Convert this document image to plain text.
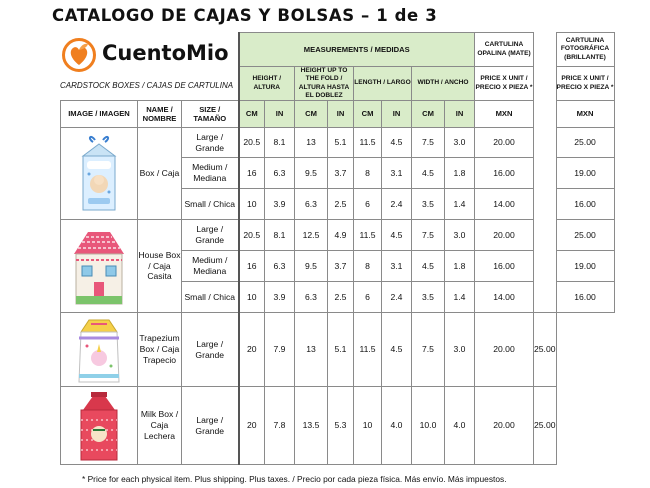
CATALOGO DE CAJAS Y BOLSAS – 1 de 3
CuentoMio
CARDSTOCK BOXES / CAJAS DE CARTULINA
			MEASUREMENTS / MEDIDAS								CARTULINA OPALINA (MATE)		CARTULINA FOTOGRÁFICA (BRILLANTE)

			HEIGHT / ALTURA		HEIGHT UP TO THE FOLD / ALTURA HASTA EL DOBLEZ		LENGTH / LARGO		WIDTH / ANCHO		PRICE X UNIT / PRECIO X PIEZA *		PRICE X UNIT / PRECIO X PIEZA *
IMAGE / IMAGEN	NAME / NOMBRE	SIZE / TAMAÑO	CM	IN	CM	IN	CM	IN	CM	IN	MXN		MXN

	Box / Caja	Large / Grande	20.5	8.1	13	5.1	11.5	4.5	7.5	3.0	20.00		25.00
		Medium / Mediana	16	6.3	9.5	3.7	8	3.1	4.5	1.8	16.00		19.00
		Small / Chica	10	3.9	6.3	2.5	6	2.4	3.5	1.4	14.00		16.00

	House Box / Caja Casita	Large / Grande	20.5	8.1	12.5	4.9	11.5	4.5	7.5	3.0	20.00		25.00
		Medium / Mediana	16	6.3	9.5	3.7	8	3.1	4.5	1.8	16.00		19.00
		Small / Chica	10	3.9	6.3	2.5	6	2.4	3.5	1.4	14.00		16.00

	Trapezium Box / Caja Trapecio	Large / Grande	20	7.9	13	5.1	11.5	4.5	7.5	3.0	20.00	25.00	

	Milk Box / Caja Lechera	Large / Grande	20	7.8	13.5	5.3	10	4.0	10.0	4.0	20.00	25.00	
* Price for each physical item. Plus shipping. Plus taxes. / Precio por cada pieza física. Más envío. Más impuestos.
